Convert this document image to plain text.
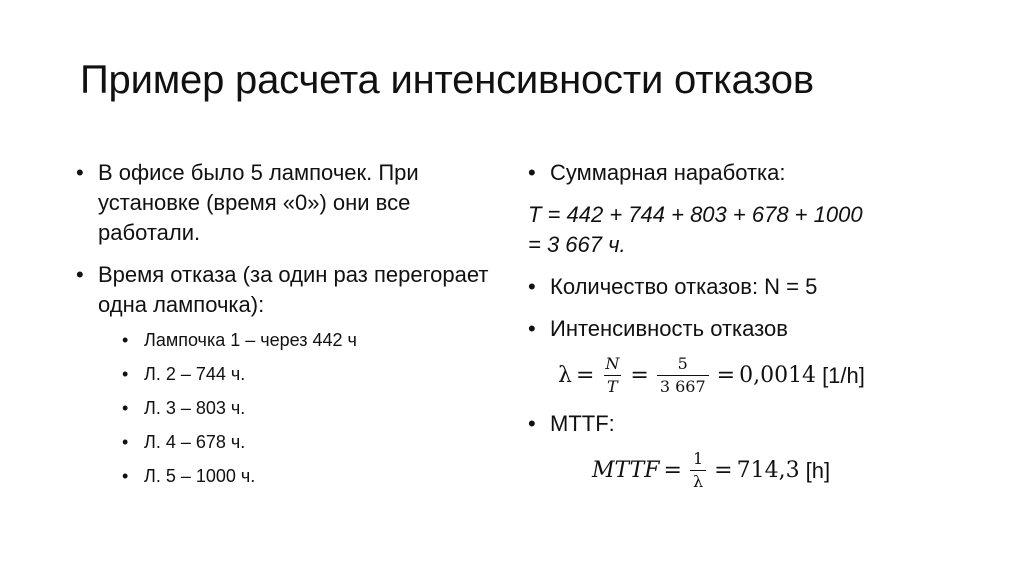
Пример расчета интенсивности отказов
• В офисе было 5 лампочек. При установке (время «0») они все работали.
• Время отказа (за один раз перегорает одна лампочка):
• Лампочка 1 – через 442 ч
• Л. 2 – 744 ч.
• Л. 3 – 803 ч.
• Л. 4 – 678 ч.
• Л. 5 – 1000 ч.
• Суммарная наработка:
T = 442 + 744 + 803 + 678 + 1000
= 3 667 ч.
• Количество отказов: N = 5
• Интенсивность отказов
$\lambda = \frac{N}{T} = \frac{5}{3 667} = 0,0014$ [1/h]
• MTTF:
MTTF = $\frac{1}{\lambda} = 714,3$ [h]
